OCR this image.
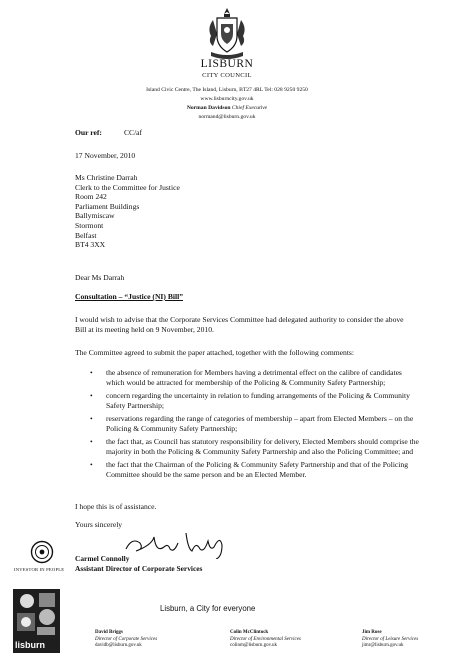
LISBURN
CITY COUNCIL
Island Civic Centre, The Island, Lisburn, BT27 4RL Tel: 028 9250 9250
www.lisburncity.gov.uk
Norman Davidson Chief Executive
normand@lisburn.gov.uk
Our ref:	CC/af
17 November, 2010
Ms Christine Darrah
Clerk to the Committee for Justice
Room 242
Parliament Buildings
Ballymiscaw
Stormont
Belfast
BT4 3XX
Dear Ms Darrah
Consultation – “Justice (NI) Bill”
I would wish to advise that the Corporate Services Committee had delegated authority to consider the above Bill at its meeting held on 9 November, 2010.
The Committee agreed to submit the paper attached, together with the following comments:
• the absence of remuneration for Members having a detrimental effect on the calibre of candidates which would be attracted for membership of the Policing & Community Safety Partnership;
• concern regarding the uncertainty in relation to funding arrangements of the Policing & Community Safety Partnership;
• reservations regarding the range of categories of membership – apart from Elected Members – on the Policing & Community Safety Partnership;
• the fact that, as Council has statutory responsibility for delivery, Elected Members should comprise the majority in both the Policing & Community Safety Partnership and also the Policing Committee; and
• the fact that the Chairman of the Policing & Community Safety Partnership and that of the Policing Committee should be the same person and be an Elected Member.
I hope this is of assistance.
Yours sincerely
Carmel Connolly
Assistant Director of Corporate Services
INVESTOR IN PEOPLE
lisburn
Lisburn, a City for everyone
David Briggs
Director of Corporate Services
davidb@lisburn.gov.uk
Colin McClintock
Director of Environmental Services
colinm@lisburn.gov.uk
Jim Rose
Director of Leisure Services
jimr@lisburn.gov.uk
